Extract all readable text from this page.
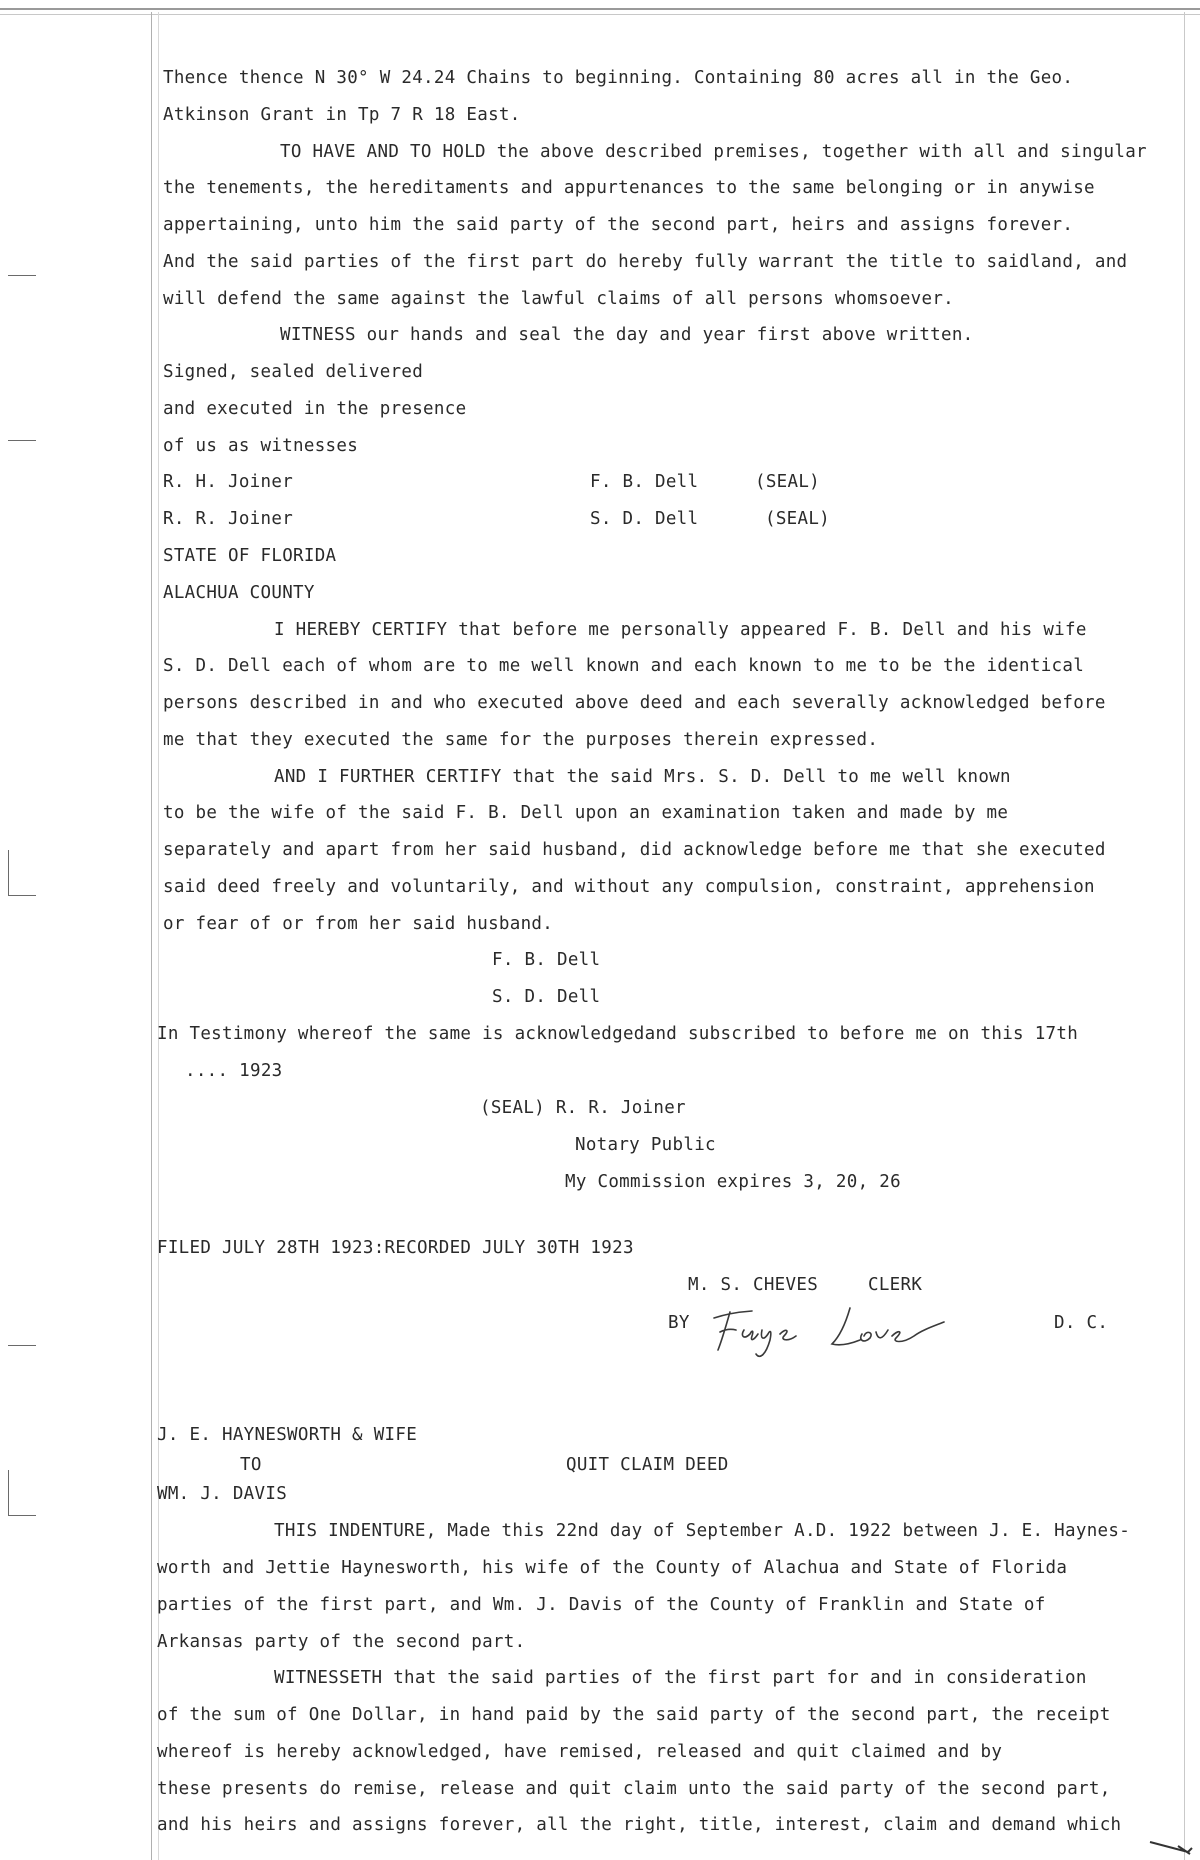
Thence thence N 30° W 24.24 Chains to beginning. Containing 80 acres all in the Geo.
Atkinson Grant in Tp 7 R 18 East.
TO HAVE AND TO HOLD the above described premises, together with all and singular
the tenements, the hereditaments and appurtenances to the same belonging or in anywise
appertaining, unto him the said party of the second part, heirs and assigns forever.
And the said parties of the first part do hereby fully warrant the title to saidland, and
will defend the same against the lawful claims of all persons whomsoever.
WITNESS our hands and seal the day and year first above written.
Signed, sealed delivered
and executed in the presence
of us as witnesses
R. H. Joiner	F. B. Dell	(SEAL)
R. R. Joiner	S. D. Dell	(SEAL)
STATE OF FLORIDA
ALACHUA COUNTY
I HEREBY CERTIFY that before me personally appeared F. B. Dell and his wife
S. D. Dell each of whom are to me well known and each known to me to be the identical
persons described in and who executed above deed and each severally acknowledged before
me that they executed the same for the purposes therein expressed.
AND I FURTHER CERTIFY that the said Mrs. S. D. Dell to me well known
to be the wife of the said F. B. Dell upon an examination taken and made by me
separately and apart from her said husband, did acknowledge before me that she executed
said deed freely and voluntarily, and without any compulsion, constraint, apprehension
or fear of or from her said husband.
F. B. Dell
S. D. Dell
In Testimony whereof the same is acknowledgedand subscribed to before me on this 17th
.... 1923
(SEAL) R. R. Joiner
Notary Public
My Commission expires 3, 20, 26
FILED JULY 28TH 1923:RECORDED JULY 30TH 1923
M. S. CHEVES	CLERK
BY	D. C.
J. E. HAYNESWORTH & WIFE
TO	QUIT CLAIM DEED
WM. J. DAVIS
THIS INDENTURE, Made this 22nd day of September A.D. 1922 between J. E. Haynes-
worth and Jettie Haynesworth, his wife of the County of Alachua and State of Florida
parties of the first part, and Wm. J. Davis of the County of Franklin and State of
Arkansas party of the second part.
WITNESSETH that the said parties of the first part for and in consideration
of the sum of One Dollar, in hand paid by the said party of the second part, the receipt
whereof is hereby acknowledged, have remised, released and quit claimed and by
these presents do remise, release and quit claim unto the said party of the second part,
and his heirs and assigns forever, all the right, title, interest, claim and demand which
